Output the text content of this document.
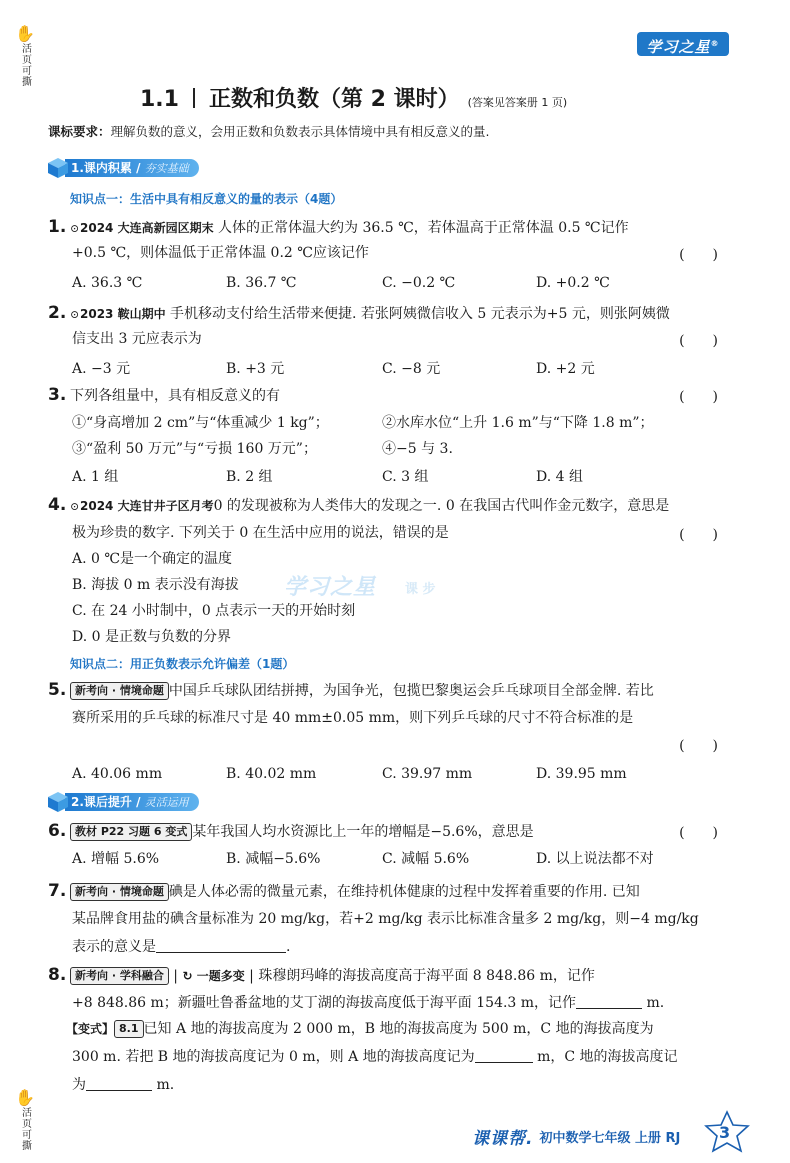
✋
活页可撕
✋
活页可撕
学习之星®
1.1 正数和负数（第 2 课时） (答案见答案册 1 页)
课标要求：理解负数的意义，会用正数和负数表示具体情境中具有相反意义的量.
1.课内积累 / 夯实基础
知识点一：生活中具有相反意义的量的表示（4题）
1. ⊙2024 大连高新园区期末 人体的正常体温大约为 36.5 ℃，若体温高于正常体温 0.5 ℃记作
+0.5 ℃，则体温低于正常体温 0.2 ℃应该记作	(　　)
A. 36.3 ℃	B. 36.7 ℃	C. −0.2 ℃	D. +0.2 ℃
2. ⊙2023 鞍山期中 手机移动支付给生活带来便捷. 若张阿姨微信收入 5 元表示为+5 元，则张阿姨微
信支出 3 元应表示为	(　　)
A. −3 元	B. +3 元	C. −8 元	D. +2 元
3. 下列各组量中，具有相反意义的有	(　　)
①“身高增加 2 cm”与“体重减少 1 kg”；	②水库水位“上升 1.6 m”与“下降 1.8 m”；
③“盈利 50 万元”与“亏损 160 万元”；	④−5 与 3.
A. 1 组	B. 2 组	C. 3 组	D. 4 组
4. ⊙2024 大连甘井子区月考0 的发现被称为人类伟大的发现之一. 0 在我国古代叫作金元数字，意思是
极为珍贵的数字. 下列关于 0 在生活中应用的说法，错误的是	(　　)
A. 0 ℃是一个确定的温度
B. 海拔 0 m 表示没有海拔
C. 在 24 小时制中，0 点表示一天的开始时刻
D. 0 是正数与负数的分界
学习之星	课 步
知识点二：用正负数表示允许偏差（1题）
5. 新考向 · 情境命题 中国乒乓球队团结拼搏，为国争光，包揽巴黎奥运会乒乓球项目全部金牌. 若比
赛所采用的乒乓球的标准尺寸是 40 mm±0.05 mm，则下列乒乓球的尺寸不符合标准的是
(　　)
A. 40.06 mm	B. 40.02 mm	C. 39.97 mm	D. 39.95 mm
2.课后提升 / 灵活运用
6. 教材 P22 习题 6 变式 某年我国人均水资源比上一年的增幅是−5.6%，意思是	(　　)
A. 增幅 5.6%	B. 减幅−5.6%	C. 减幅 5.6%	D. 以上说法都不对
7. 新考向 · 情境命题 碘是人体必需的微量元素，在维持机体健康的过程中发挥着重要的作用. 已知
某品牌食用盐的碘含量标准为 20 mg/kg，若+2 mg/kg 表示比标准含量多 2 mg/kg，则−4 mg/kg
表示的意义是	.
8. 新考向 · 学科融合 | ↻ 一题多变 | 珠穆朗玛峰的海拔高度高于海平面 8 848.86 m，记作
+8 848.86 m；新疆吐鲁番盆地的艾丁湖的海拔高度低于海平面 154.3 m，记作	m.
【变式】 8.1 已知 A 地的海拔高度为 2 000 m，B 地的海拔高度为 500 m，C 地的海拔高度为
300 m. 若把 B 地的海拔高度记为 0 m，则 A 地的海拔高度记为	m，C 地的海拔高度记
为	m.
课课帮. 初中数学七年级 上册 RJ 3
